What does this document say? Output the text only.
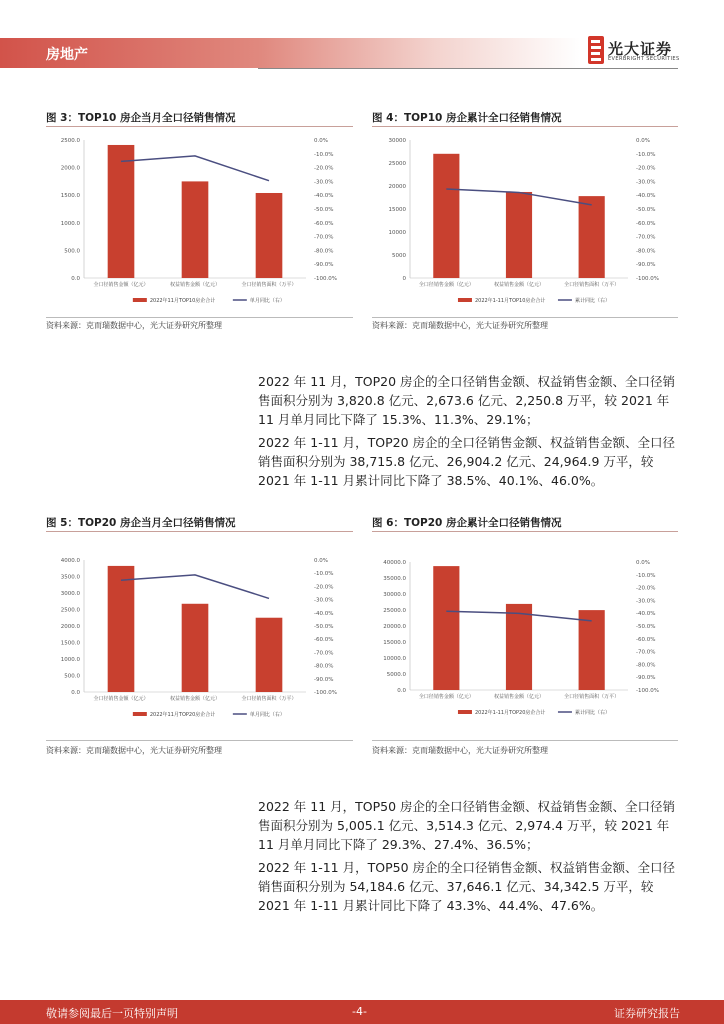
房地产	光大证券
EVERBRIGHT SECURITIES
图 3：TOP10 房企当月全口径销售情况
2500.0
2000.0
1500.0
1000.0
500.0
0.0
0.0%
-10.0%
-20.0%
-30.0%
-40.0%
-50.0%
-60.0%
-70.0%
-80.0%
-90.0%
-100.0%
全口径销售金额（亿元）	权益销售金额（亿元）	全口径销售面积（万平）
2022年11月TOP10房企合计	单月同比（右）
资料来源：克而瑞数据中心，光大证券研究所整理
图 4：TOP10 房企累计全口径销售情况
30000
25000
20000
15000
10000
5000
0
0.0%
-10.0%
-20.0%
-30.0%
-40.0%
-50.0%
-60.0%
-70.0%
-80.0%
-90.0%
-100.0%
全口径销售金额（亿元）	权益销售金额（亿元）	全口径销售面积（万平）
2022年1-11月TOP10房企合计	累计同比（右）
资料来源：克而瑞数据中心，光大证券研究所整理

2022 年 11 月，TOP20 房企的全口径销售金额、权益销售金额、全口径销售面积分别为 3,820.8 亿元、2,673.6 亿元、2,250.8 万平，较 2021 年 11 月单月同比下降了 15.3%、11.3%、29.1%；

2022 年 1-11 月，TOP20 房企的全口径销售金额、权益销售金额、全口径销售面积分别为 38,715.8 亿元、26,904.2 亿元、24,964.9 万平，较 2021 年 1-11 月累计同比下降了 38.5%、40.1%、46.0%。

图 5：TOP20 房企当月全口径销售情况
4000.0
3500.0
3000.0
2500.0
2000.0
1500.0
1000.0
500.0
0.0
0.0%
-10.0%
-20.0%
-30.0%
-40.0%
-50.0%
-60.0%
-70.0%
-80.0%
-90.0%
-100.0%
全口径销售金额（亿元）	权益销售金额（亿元）	全口径销售面积（万平）
2022年11月TOP20房企合计	单月同比（右）
资料来源：克而瑞数据中心，光大证券研究所整理
图 6：TOP20 房企累计全口径销售情况
40000.0
35000.0
30000.0
25000.0
20000.0
15000.0
10000.0
5000.0
0.0
0.0%
-10.0%
-20.0%
-30.0%
-40.0%
-50.0%
-60.0%
-70.0%
-80.0%
-90.0%
-100.0%
全口径销售金额（亿元）	权益销售金额（亿元）	全口径销售面积（万平）
2022年1-11月TOP20房企合计	累计同比（右）
资料来源：克而瑞数据中心，光大证券研究所整理

2022 年 11 月，TOP50 房企的全口径销售金额、权益销售金额、全口径销售面积分别为 5,005.1 亿元、3,514.3 亿元、2,974.4 万平，较 2021 年 11 月单月同比下降了 29.3%、27.4%、36.5%；

2022 年 1-11 月，TOP50 房企的全口径销售金额、权益销售金额、全口径销售面积分别为 54,184.6 亿元、37,646.1 亿元、34,342.5 万平，较 2021 年 1-11 月累计同比下降了 43.3%、44.4%、47.6%。

敬请参阅最后一页特别声明	-4-	证券研究报告
